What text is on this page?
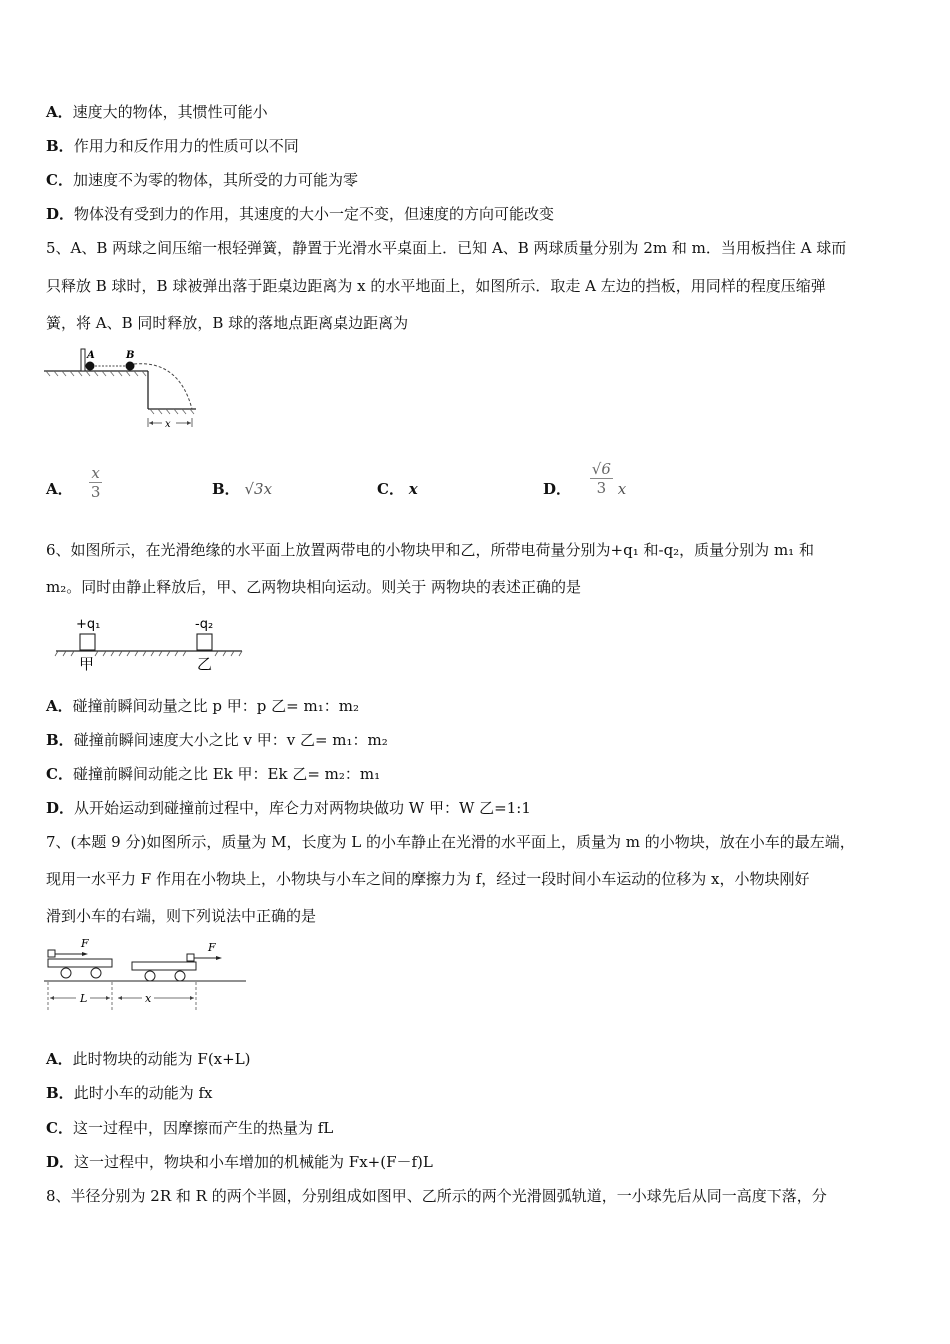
A．速度大的物体，其惯性可能小
B．作用力和反作用力的性质可以不同
C．加速度不为零的物体，其所受的力可能为零
D．物体没有受到力的作用，其速度的大小一定不变，但速度的方向可能改变
5、A、B 两球之间压缩一根轻弹簧，静置于光滑水平桌面上．已知 A、B 两球质量分别为 2m 和 m．当用板挡住 A 球而
只释放 B 球时，B 球被弹出落于距桌边距离为 x 的水平地面上，如图所示．取走 A 左边的挡板，用同样的程度压缩弹
簧，将 A、B 同时释放，B 球的落地点距离桌边距离为
A	B
x
A． $\frac{x}{3}$	B． √3x	C． x	D． $\frac{√6}{3}$ x
6、如图所示，在光滑绝缘的水平面上放置两带电的小物块甲和乙，所带电荷量分别为+q₁ 和-q₂，质量分别为 m₁ 和
m₂。同时由静止释放后，甲、乙两物块相向运动。则关于 两物块的表述正确的是
+q₁	-q₂
甲	乙
A．碰撞前瞬间动量之比 p 甲：p 乙= m₁：m₂
B．碰撞前瞬间速度大小之比 v 甲：v 乙= m₁：m₂
C．碰撞前瞬间动能之比 Ek 甲：Ek 乙= m₂：m₁
D．从开始运动到碰撞前过程中，库仑力对两物块做功 W 甲：W 乙=1:1
7、(本题 9 分)如图所示，质量为 M，长度为 L 的小车静止在光滑的水平面上，质量为 m 的小物块，放在小车的最左端，
现用一水平力 F 作用在小物块上，小物块与小车之间的摩擦力为 f，经过一段时间小车运动的位移为 x，小物块刚好
滑到小车的右端，则下列说法中正确的是
F	F
L	x
A．此时物块的动能为 F(x+L)
B．此时小车的动能为 fx
C．这一过程中，因摩擦而产生的热量为 fL
D．这一过程中，物块和小车增加的机械能为 Fx+(F－f)L
8、半径分别为 2R 和 R 的两个半圆，分别组成如图甲、乙所示的两个光滑圆弧轨道，一小球先后从同一高度下落，分
